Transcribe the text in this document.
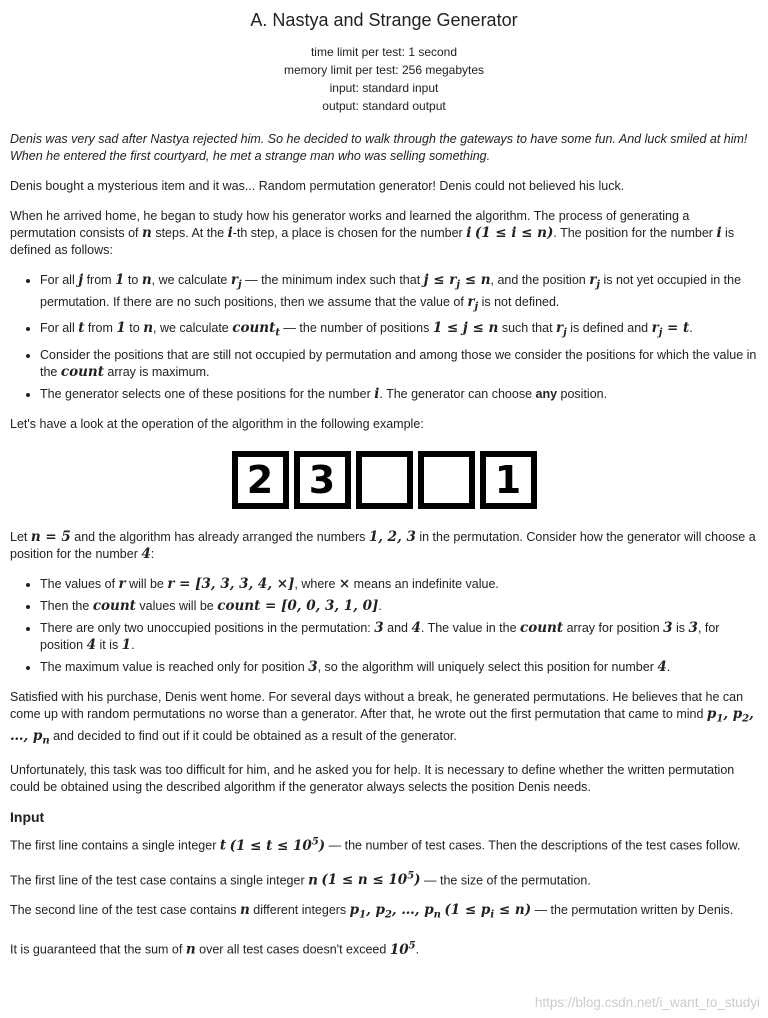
A. Nastya and Strange Generator
time limit per test: 1 second
memory limit per test: 256 megabytes
input: standard input
output: standard output

Denis was very sad after Nastya rejected him. So he decided to walk through the gateways to have some fun. And luck smiled at him! When he entered the first courtyard, he met a strange man who was selling something.

Denis bought a mysterious item and it was... Random permutation generator! Denis could not believed his luck.

When he arrived home, he began to study how his generator works and learned the algorithm. The process of generating a permutation consists of n steps. At the i-th step, a place is chosen for the number i (1 ≤ i ≤ n). The position for the number i is defined as follows:

• For all j from 1 to n, we calculate $r_j$ — the minimum index such that $j \le r_j \le n$, and the position $r_j$ is not yet occupied in the permutation. If there are no such positions, then we assume that the value of $r_j$ is not defined.
• For all t from 1 to n, we calculate count$_t$ — the number of positions 1 ≤ j ≤ n such that $r_j$ is defined and $r_j = t$.
• Consider the positions that are still not occupied by permutation and among those we consider the positions for which the value in the count array is maximum.
• The generator selects one of these positions for the number i. The generator can choose any position.

Let's have a look at the operation of the algorithm in the following example:

2 3	1

Let n = 5 and the algorithm has already arranged the numbers 1, 2, 3 in the permutation. Consider how the generator will choose a position for the number 4:

• The values of r will be r = [3, 3, 3, 4, ×], where × means an indefinite value.
• Then the count values will be count = [0, 0, 3, 1, 0].
• There are only two unoccupied positions in the permutation: 3 and 4. The value in the count array for position 3 is 3, for position 4 it is 1.
• The maximum value is reached only for position 3, so the algorithm will uniquely select this position for number 4.

Satisfied with his purchase, Denis went home. For several days without a break, he generated permutations. He believes that he can come up with random permutations no worse than a generator. After that, he wrote out the first permutation that came to mind $p_1$, $p_2$, …, $p_n$ and decided to find out if it could be obtained as a result of the generator.

Unfortunately, this task was too difficult for him, and he asked you for help. It is necessary to define whether the written permutation could be obtained using the described algorithm if the generator always selects the position Denis needs.

Input

The first line contains a single integer t $(1 \le t \le 10^5)$ — the number of test cases. Then the descriptions of the test cases follow.

The first line of the test case contains a single integer n $(1 \le n \le 10^5)$ — the size of the permutation.

The second line of the test case contains n different integers $p_1$, $p_2$, …, $p_n$ $(1 \le p_i \le n)$ — the permutation written by Denis.

It is guaranteed that the sum of n over all test cases doesn't exceed $10^5$.

https://blog.csdn.net/i_want_to_studyi
